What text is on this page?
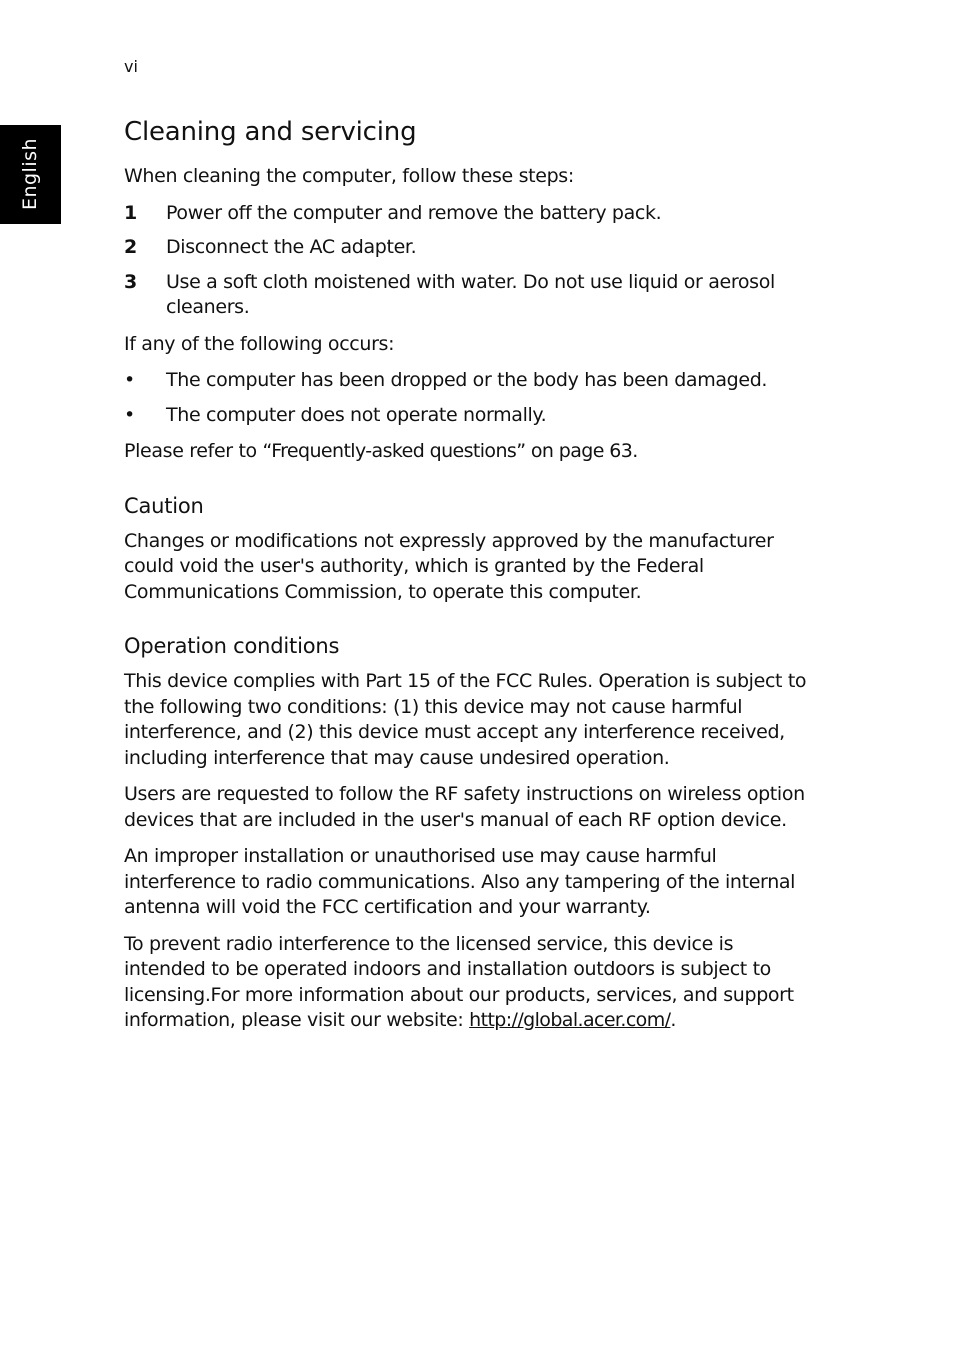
vi
English
Cleaning and servicing

When cleaning the computer, follow these steps:

1	Power off the computer and remove the battery pack.
2	Disconnect the AC adapter.
3	Use a soft cloth moistened with water. Do not use liquid or aerosol cleaners.

If any of the following occurs:

•	The computer has been dropped or the body has been damaged.
•	The computer does not operate normally.

Please refer to “Frequently-asked questions” on page 63.

Caution

Changes or modifications not expressly approved by the manufacturer could void the user's authority, which is granted by the Federal Communications Commission, to operate this computer.

Operation conditions

This device complies with Part 15 of the FCC Rules. Operation is subject to the following two conditions: (1) this device may not cause harmful interference, and (2) this device must accept any interference received, including interference that may cause undesired operation.

Users are requested to follow the RF safety instructions on wireless option devices that are included in the user's manual of each RF option device.

An improper installation or unauthorised use may cause harmful interference to radio communications. Also any tampering of the internal antenna will void the FCC certification and your warranty.

To prevent radio interference to the licensed service, this device is intended to be operated indoors and installation outdoors is subject to licensing.For more information about our products, services, and support information, please visit our website: http://global.acer.com/.
